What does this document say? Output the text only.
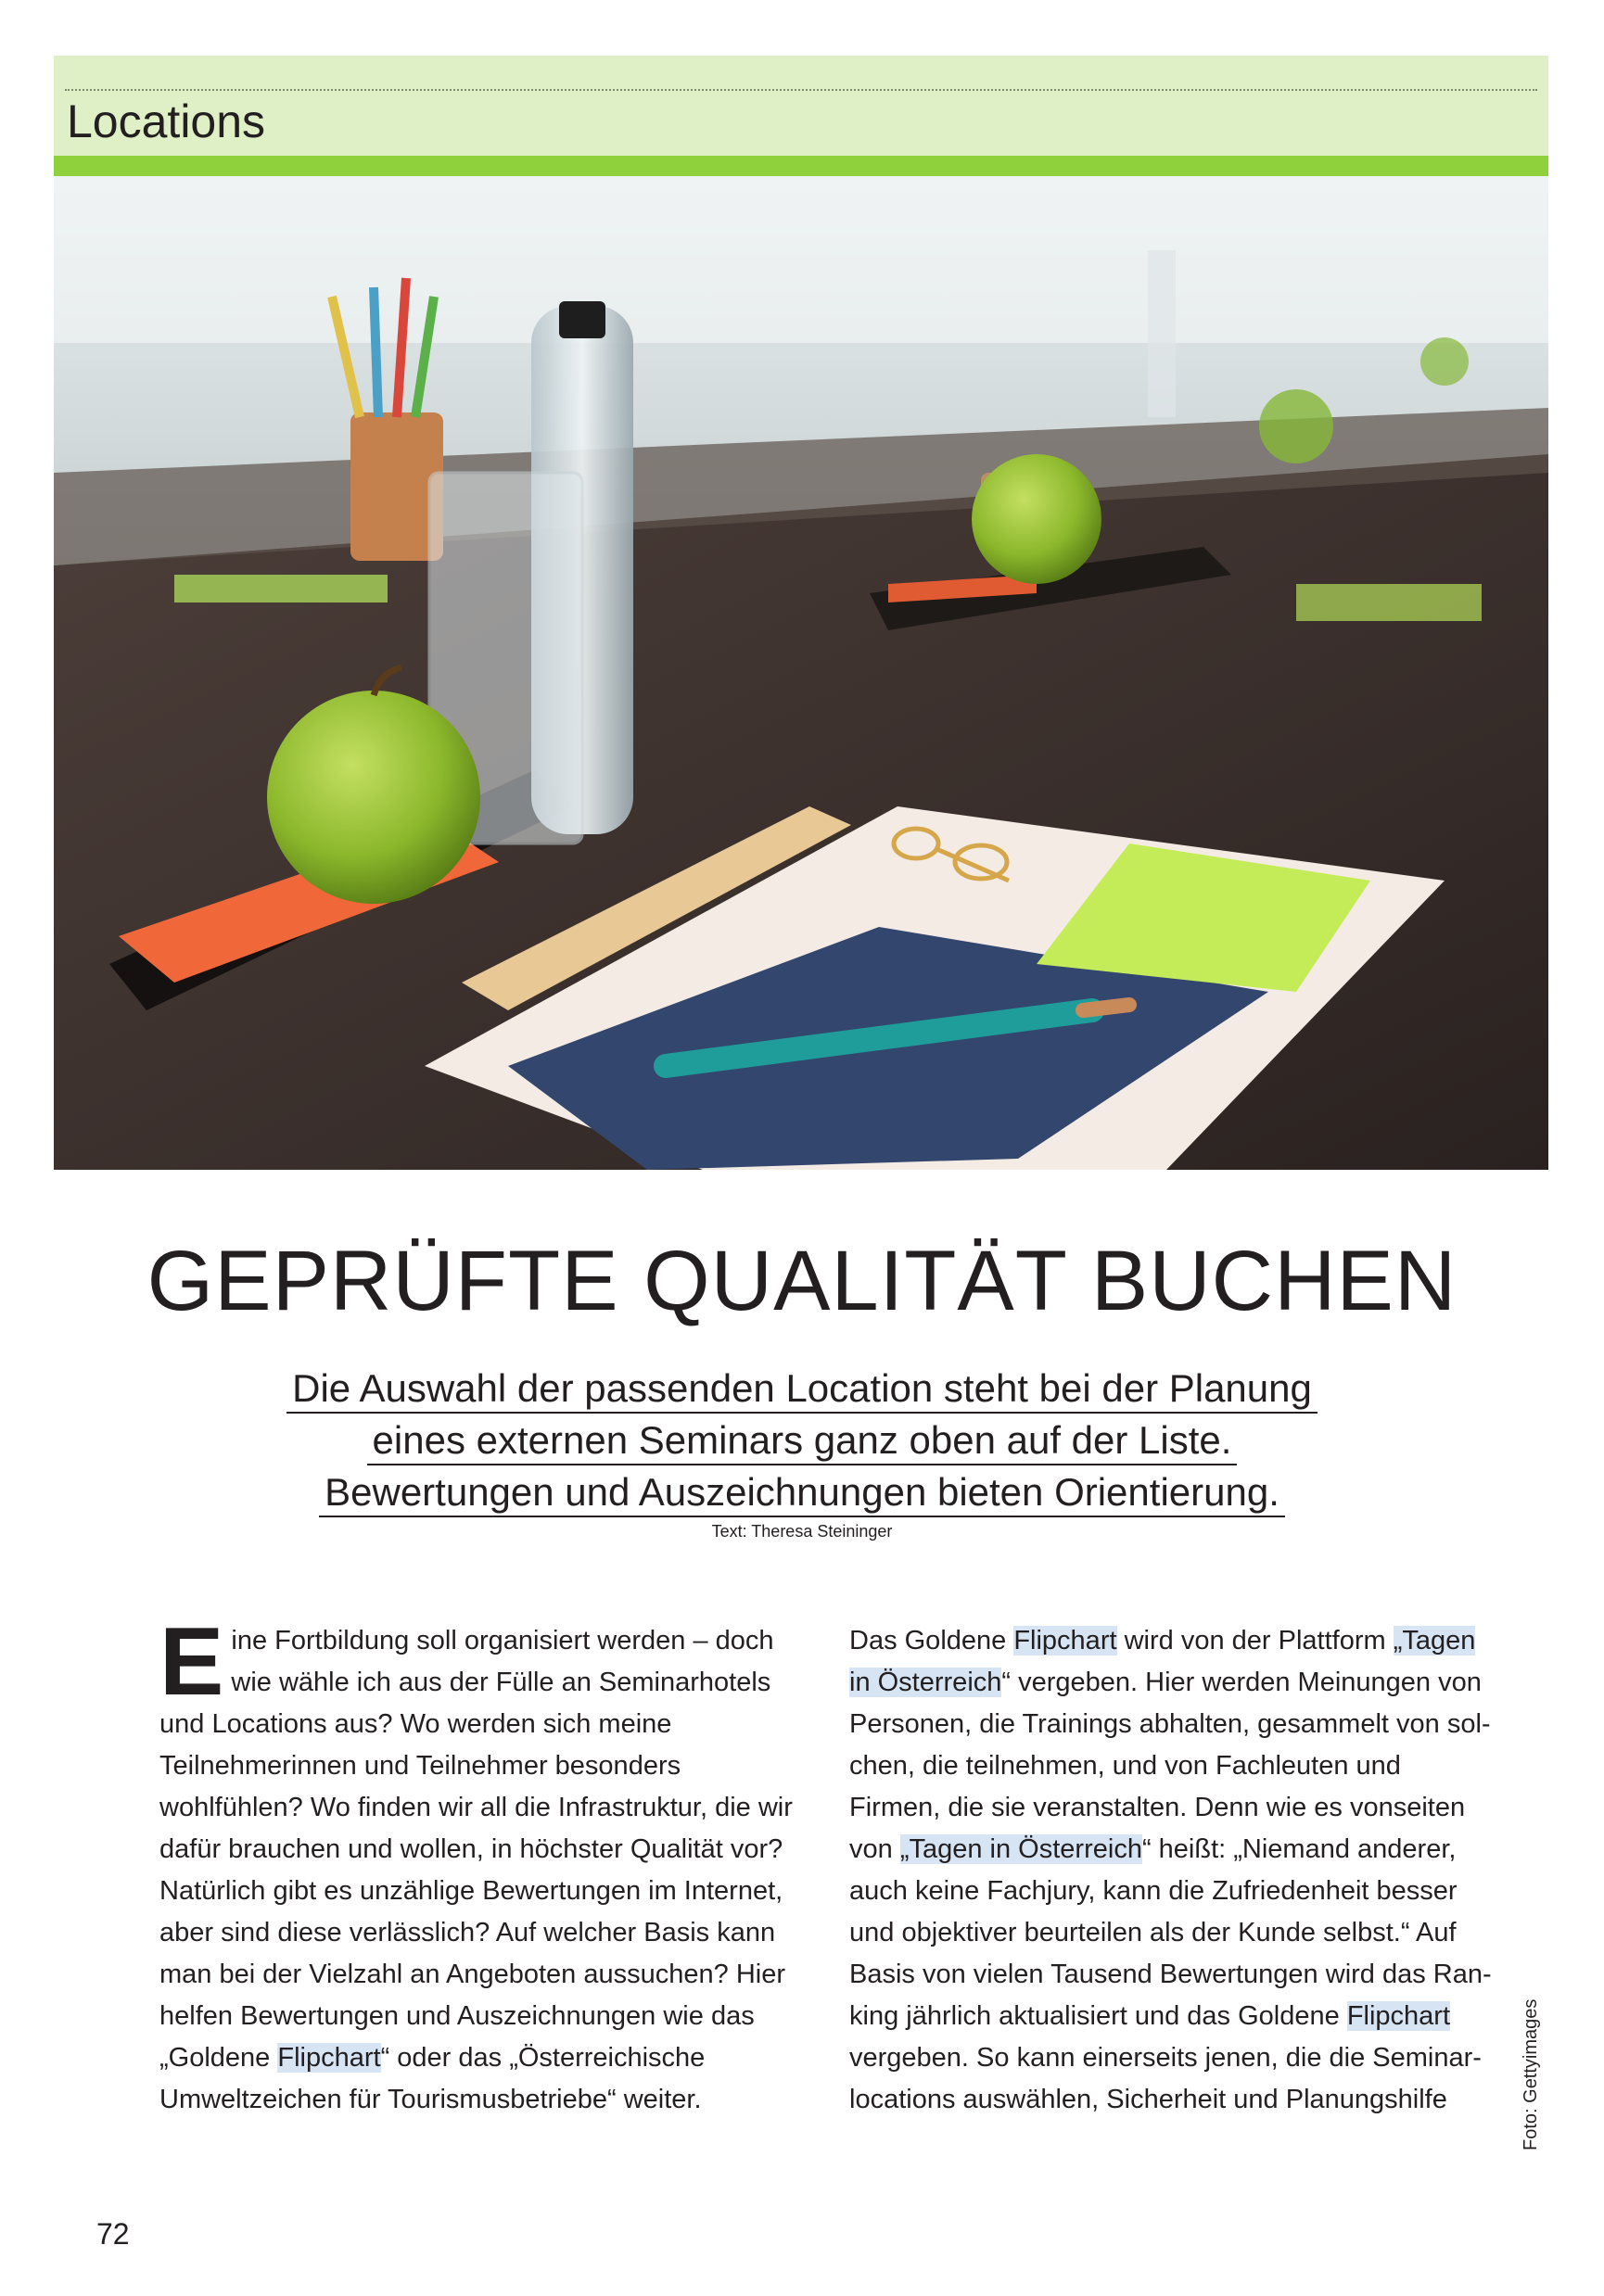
Locations
GEPRÜFTE QUALITÄT BUCHEN
Die Auswahl der passenden Location steht bei der Planung
eines externen Seminars ganz oben auf der Liste.
Bewertungen und Auszeichnungen bieten Orientierung.
Text: Theresa Steininger

Eine Fortbildung soll organisiert werden – doch wie wähle ich aus der Fülle an Seminarhotels und Locations aus? Wo werden sich meine Teilnehmerinnen und Teilnehmer besonders wohlfühlen? Wo finden wir all die Infrastruktur, die wir dafür brauchen und wollen, in höchster Qualität vor? Natürlich gibt es unzählige Bewertungen im Internet, aber sind diese verlässlich? Auf welcher Basis kann man bei der Vielzahl an Angeboten aussuchen? Hier helfen Bewertungen und Auszeichnungen wie das „Goldene Flipchart“ oder das „Österreichische Umweltzeichen für Tourismusbetriebe“ weiter.

Das Goldene Flipchart wird von der Plattform „Tagen in Österreich“ vergeben. Hier werden Meinungen von Personen, die Trainings abhalten, gesammelt von solchen, die teilnehmen, und von Fachleuten und Firmen, die sie veranstalten. Denn wie es vonseiten von „Tagen in Österreich“ heißt: „Niemand anderer, auch keine Fachjury, kann die Zufriedenheit besser und objektiver beurteilen als der Kunde selbst.“ Auf Basis von vielen Tausend Bewertungen wird das Ranking jährlich aktualisiert und das Goldene Flipchart vergeben. So kann einerseits jenen, die die Seminarlocations auswählen, Sicherheit und Planungshilfe	Foto: Gettyimages
72
